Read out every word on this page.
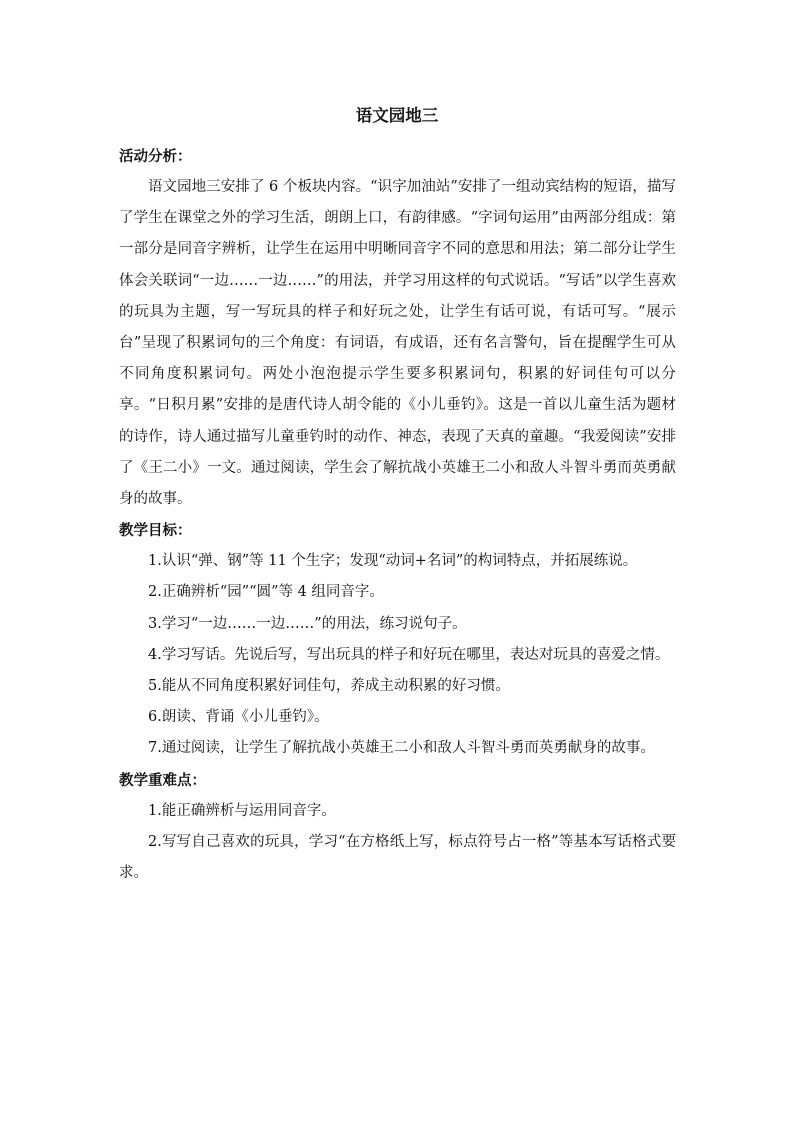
语文园地三
活动分析：

语文园地三安排了 6 个板块内容。“识字加油站”安排了一组动宾结构的短语，描写了学生在课堂之外的学习生活，朗朗上口，有韵律感。“字词句运用”由两部分组成：第一部分是同音字辨析，让学生在运用中明晰同音字不同的意思和用法；第二部分让学生体会关联词“一边……一边……”的用法，并学习用这样的句式说话。“写话”以学生喜欢的玩具为主题，写一写玩具的样子和好玩之处，让学生有话可说，有话可写。“展示台”呈现了积累词句的三个角度：有词语，有成语，还有名言警句，旨在提醒学生可从不同角度积累词句。两处小泡泡提示学生要多积累词句，积累的好词佳句可以分享。“日积月累”安排的是唐代诗人胡令能的《小儿垂钓》。这是一首以儿童生活为题材的诗作，诗人通过描写儿童垂钓时的动作、神态，表现了天真的童趣。“我爱阅读”安排了《王二小》一文。通过阅读，学生会了解抗战小英雄王二小和敌人斗智斗勇而英勇献身的故事。

教学目标：

1.认识“弹、钢”等 11 个生字；发现“动词+名词”的构词特点，并拓展练说。

2.正确辨析“园”“圆”等 4 组同音字。

3.学习“一边……一边……”的用法，练习说句子。

4.学习写话。先说后写，写出玩具的样子和好玩在哪里，表达对玩具的喜爱之情。

5.能从不同角度积累好词佳句，养成主动积累的好习惯。

6.朗读、背诵《小儿垂钓》。

7.通过阅读，让学生了解抗战小英雄王二小和敌人斗智斗勇而英勇献身的故事。

教学重难点：

1.能正确辨析与运用同音字。

2.写写自己喜欢的玩具，学习“在方格纸上写，标点符号占一格”等基本写话格式要求。
